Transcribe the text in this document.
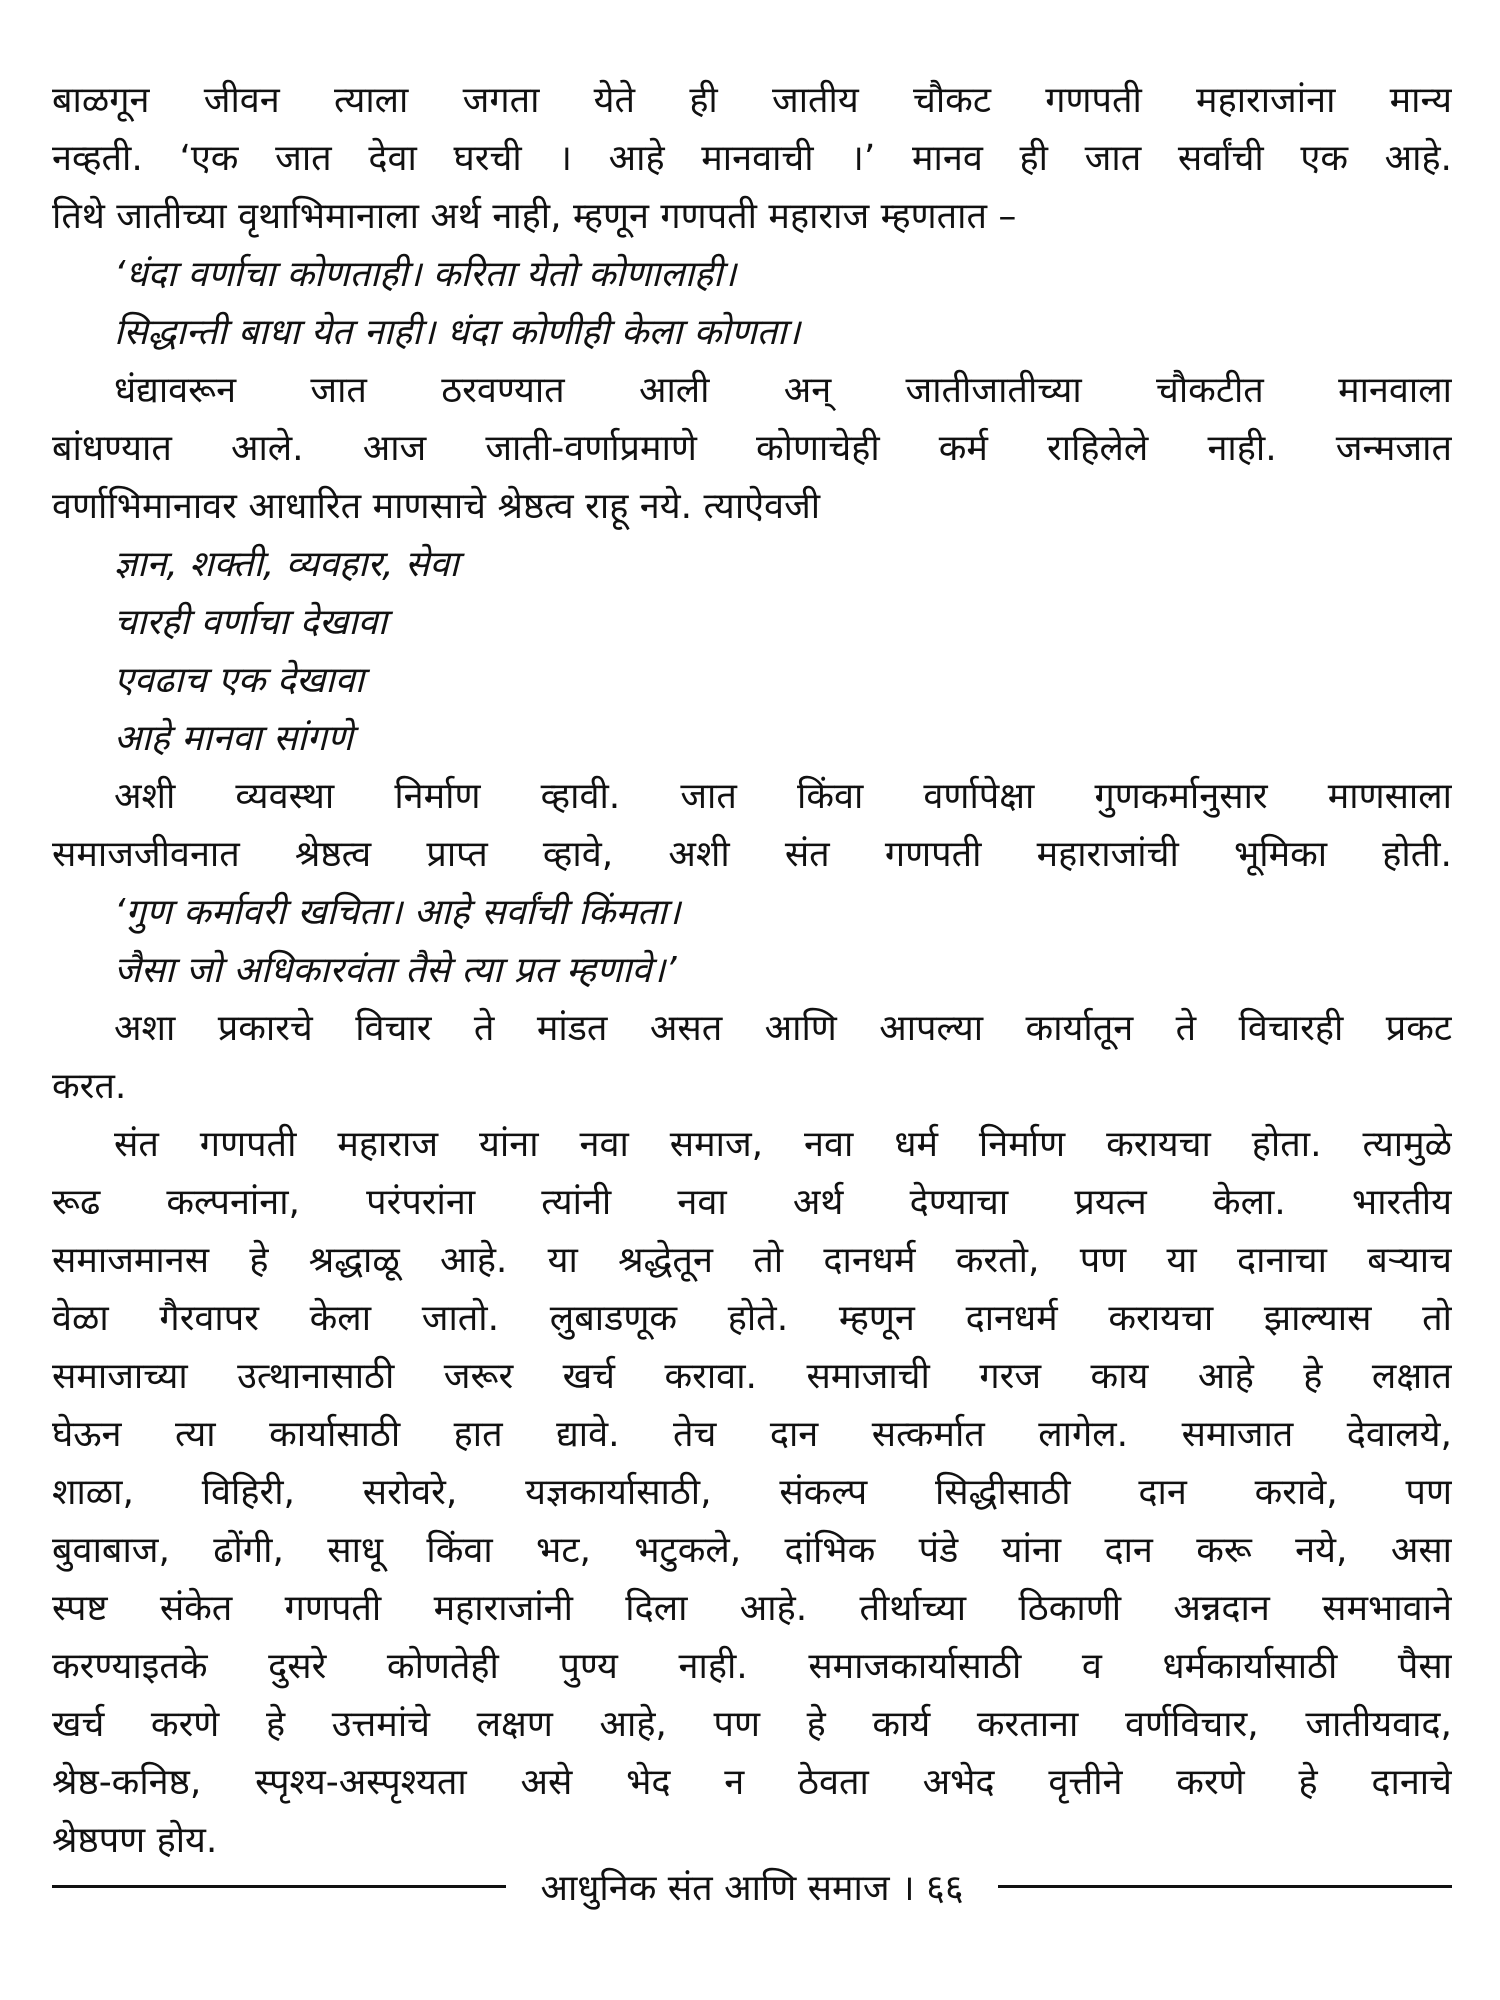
बाळगून जीवन त्याला जगता येते ही जातीय चौकट गणपती महाराजांना मान्य
नव्हती. ‘एक जात देवा घरची । आहे मानवाची ।’ मानव ही जात सर्वांची एक आहे.
तिथे जातीच्या वृथाभिमानाला अर्थ नाही, म्हणून गणपती महाराज म्हणतात –
‘धंदा वर्णाचा कोणताही। करिता येतो कोणालाही।
सिद्धान्ती बाधा येत नाही। धंदा कोणीही केला कोणता।
धंद्यावरून जात ठरवण्यात आली अन् जातीजातीच्या चौकटीत मानवाला
बांधण्यात आले. आज जाती-वर्णाप्रमाणे कोणाचेही कर्म राहिलेले नाही. जन्मजात
वर्णाभिमानावर आधारित माणसाचे श्रेष्ठत्व राहू नये. त्याऐवजी
ज्ञान, शक्ती, व्यवहार, सेवा
चारही वर्णाचा देखावा
एवढाच एक देखावा
आहे मानवा सांगणे
अशी व्यवस्था निर्माण व्हावी. जात किंवा वर्णापेक्षा गुणकर्मानुसार माणसाला
समाजजीवनात श्रेष्ठत्व प्राप्त व्हावे, अशी संत गणपती महाराजांची भूमिका होती.
‘गुण कर्मावरी खचिता। आहे सर्वांची किंमता।
जैसा जो अधिकारवंता तैसे त्या प्रत म्हणावे।’
अशा प्रकारचे विचार ते मांडत असत आणि आपल्या कार्यातून ते विचारही प्रकट
करत.
संत गणपती महाराज यांना नवा समाज, नवा धर्म निर्माण करायचा होता. त्यामुळे
रूढ कल्पनांना, परंपरांना त्यांनी नवा अर्थ देण्याचा प्रयत्न केला. भारतीय
समाजमानस हे श्रद्धाळू आहे. या श्रद्धेतून तो दानधर्म करतो, पण या दानाचा बऱ्याच
वेळा गैरवापर केला जातो. लुबाडणूक होते. म्हणून दानधर्म करायचा झाल्यास तो
समाजाच्या उत्थानासाठी जरूर खर्च करावा. समाजाची गरज काय आहे हे लक्षात
घेऊन त्या कार्यासाठी हात द्यावे. तेच दान सत्कर्मात लागेल. समाजात देवालये,
शाळा, विहिरी, सरोवरे, यज्ञकार्यासाठी, संकल्प सिद्धीसाठी दान करावे, पण
बुवाबाज, ढोंगी, साधू किंवा भट, भटुकले, दांभिक पंडे यांना दान करू नये, असा
स्पष्ट संकेत गणपती महाराजांनी दिला आहे. तीर्थाच्या ठिकाणी अन्नदान समभावाने
करण्याइतके दुसरे कोणतेही पुण्य नाही. समाजकार्यासाठी व धर्मकार्यासाठी पैसा
खर्च करणे हे उत्तमांचे लक्षण आहे, पण हे कार्य करताना वर्णविचार, जातीयवाद,
श्रेष्ठ-कनिष्ठ, स्पृश्य-अस्पृश्यता असे भेद न ठेवता अभेद वृत्तीने करणे हे दानाचे
श्रेष्ठपण होय.
आधुनिक संत आणि समाज । ६६
